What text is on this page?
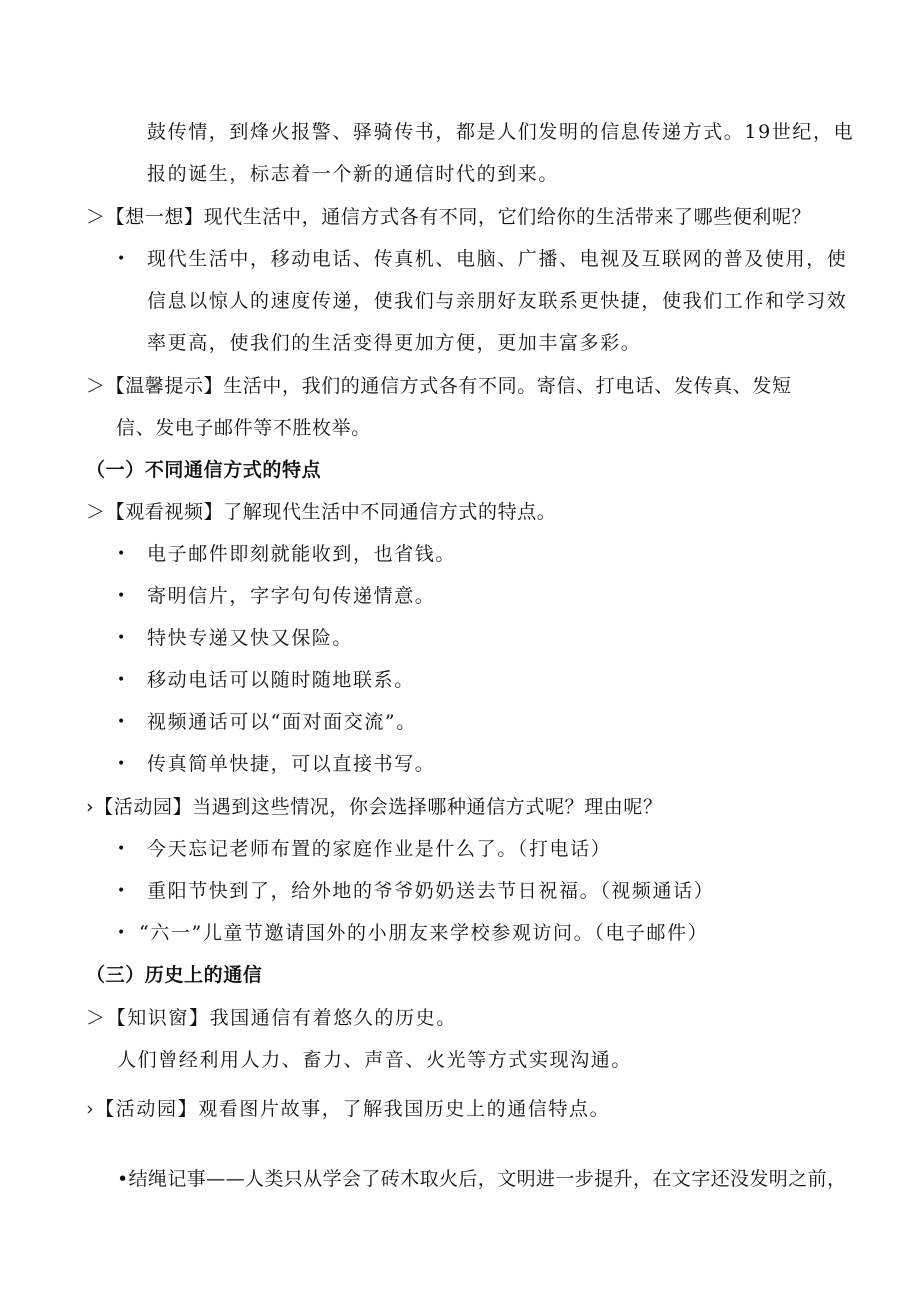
鼓传情，到烽火报警、驿骑传书，都是人们发明的信息传递方式。19世纪，电
报的诞生，标志着一个新的通信时代的到来。
＞【想一想】现代生活中，通信方式各有不同，它们给你的生活带来了哪些便利呢？
• 现代生活中，移动电话、传真机、电脑、广播、电视及互联网的普及使用，使
信息以惊人的速度传递，使我们与亲朋好友联系更快捷，使我们工作和学习效
率更高，使我们的生活变得更加方便，更加丰富多彩。
＞【温馨提示】生活中，我们的通信方式各有不同。寄信、打电话、发传真、发短
信、发电子邮件等不胜枚举。
（一）不同通信方式的特点
＞【观看视频】了解现代生活中不同通信方式的特点。
• 电子邮件即刻就能收到，也省钱。
• 寄明信片，字字句句传递情意。
• 特快专递又快又保险。
• 移动电话可以随时随地联系。
• 视频通话可以“面对面交流”。
• 传真简单快捷，可以直接书写。
›【活动园】当遇到这些情况，你会选择哪种通信方式呢？理由呢？
• 今天忘记老师布置的家庭作业是什么了。（打电话）
• 重阳节快到了，给外地的爷爷奶奶送去节日祝福。（视频通话）
• “六一”儿童节邀请国外的小朋友来学校参观访问。（电子邮件）
（三）历史上的通信
＞【知识窗】我国通信有着悠久的历史。
人们曾经利用人力、畜力、声音、火光等方式实现沟通。
›【活动园】观看图片故事，了解我国历史上的通信特点。
•结绳记事——人类只从学会了砖木取火后，文明进一步提升，在文字还没发明之前，
